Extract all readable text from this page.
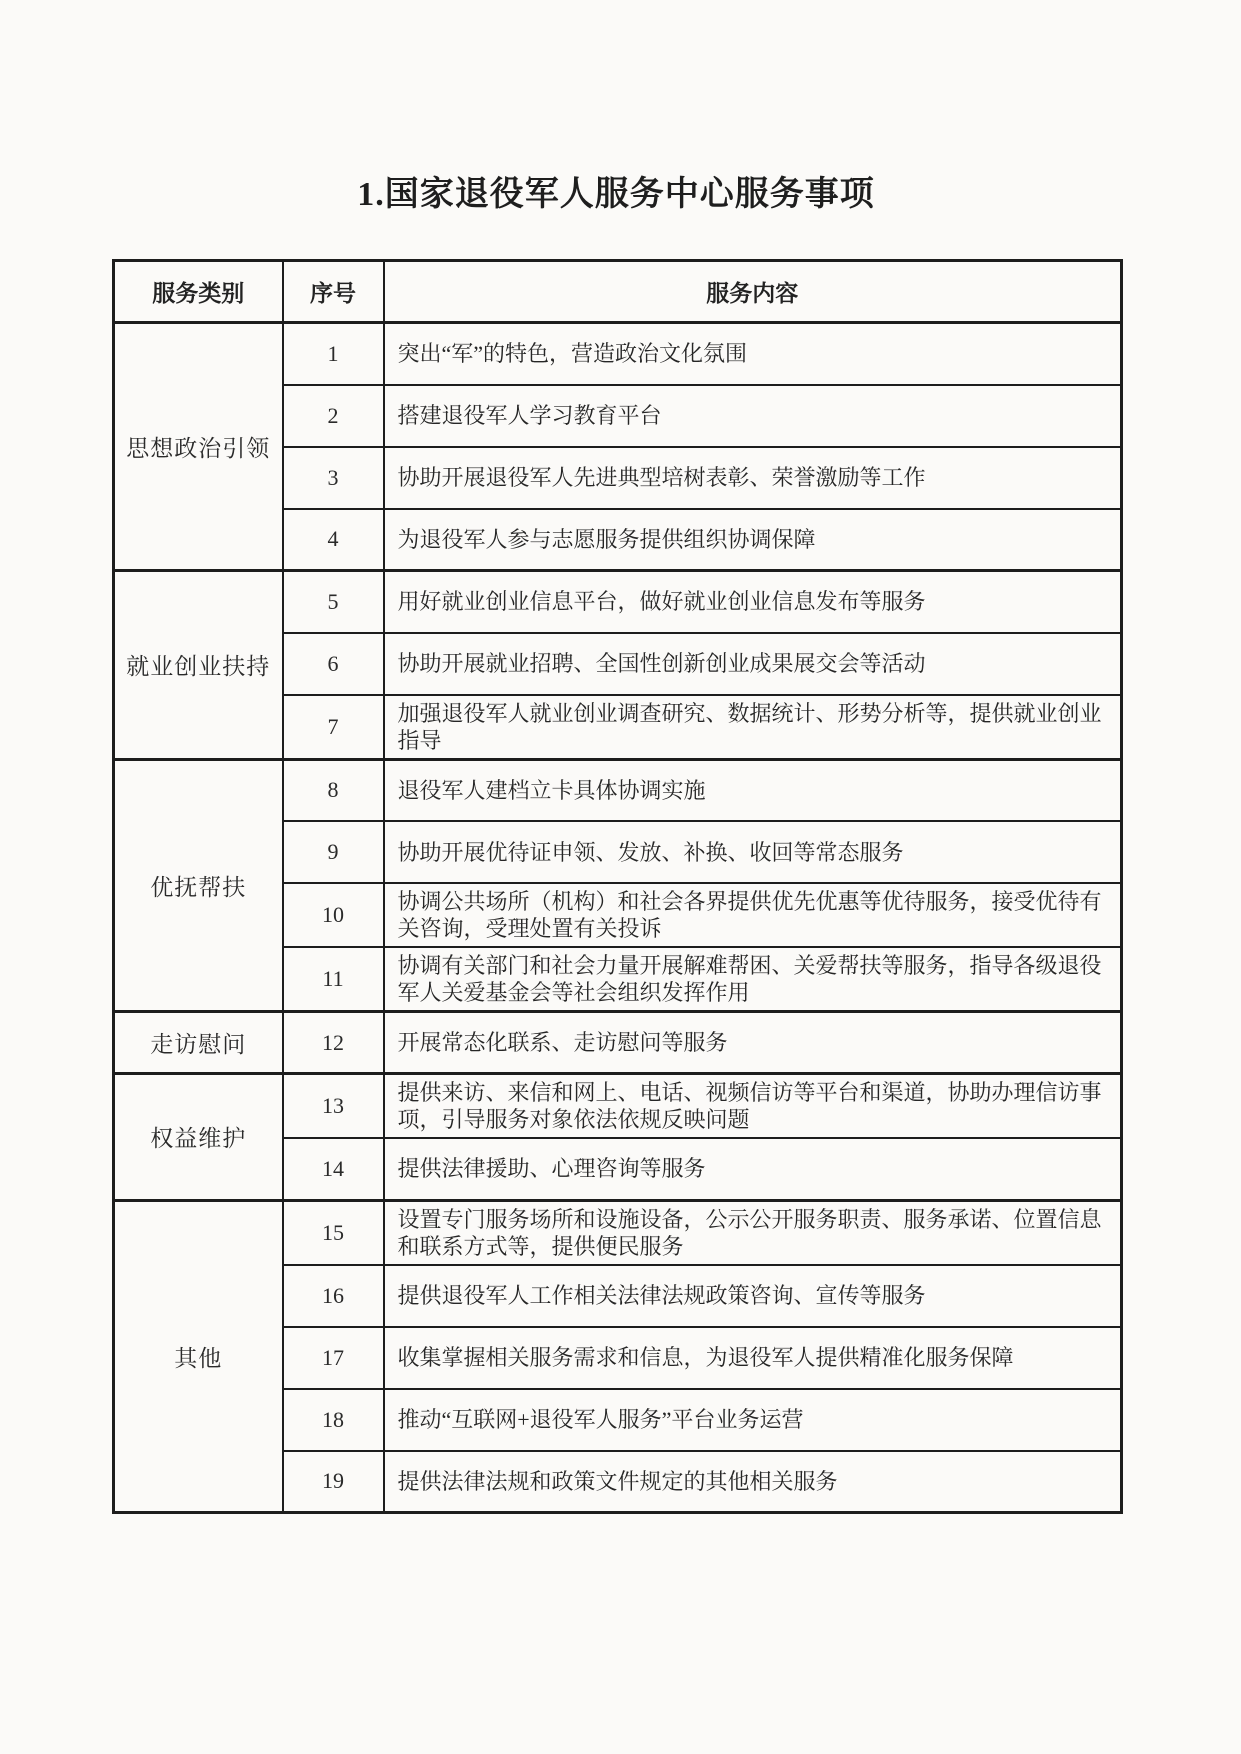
1.国家退役军人服务中心服务事项
服务类别	序号	服务内容
思想政治引领	1	突出“军”的特色，营造政治文化氛围
	2	搭建退役军人学习教育平台
	3	协助开展退役军人先进典型培树表彰、荣誉激励等工作
	4	为退役军人参与志愿服务提供组织协调保障
就业创业扶持	5	用好就业创业信息平台，做好就业创业信息发布等服务
	6	协助开展就业招聘、全国性创新创业成果展交会等活动
	7	加强退役军人就业创业调查研究、数据统计、形势分析等，提供就业创业指导
优抚帮扶	8	退役军人建档立卡具体协调实施
	9	协助开展优待证申领、发放、补换、收回等常态服务
	10	协调公共场所（机构）和社会各界提供优先优惠等优待服务，接受优待有关咨询，受理处置有关投诉
	11	协调有关部门和社会力量开展解难帮困、关爱帮扶等服务，指导各级退役军人关爱基金会等社会组织发挥作用
走访慰问	12	开展常态化联系、走访慰问等服务
权益维护	13	提供来访、来信和网上、电话、视频信访等平台和渠道，协助办理信访事项，引导服务对象依法依规反映问题
	14	提供法律援助、心理咨询等服务
其他	15	设置专门服务场所和设施设备，公示公开服务职责、服务承诺、位置信息和联系方式等，提供便民服务
	16	提供退役军人工作相关法律法规政策咨询、宣传等服务
	17	收集掌握相关服务需求和信息，为退役军人提供精准化服务保障
	18	推动“互联网+退役军人服务”平台业务运营
	19	提供法律法规和政策文件规定的其他相关服务
